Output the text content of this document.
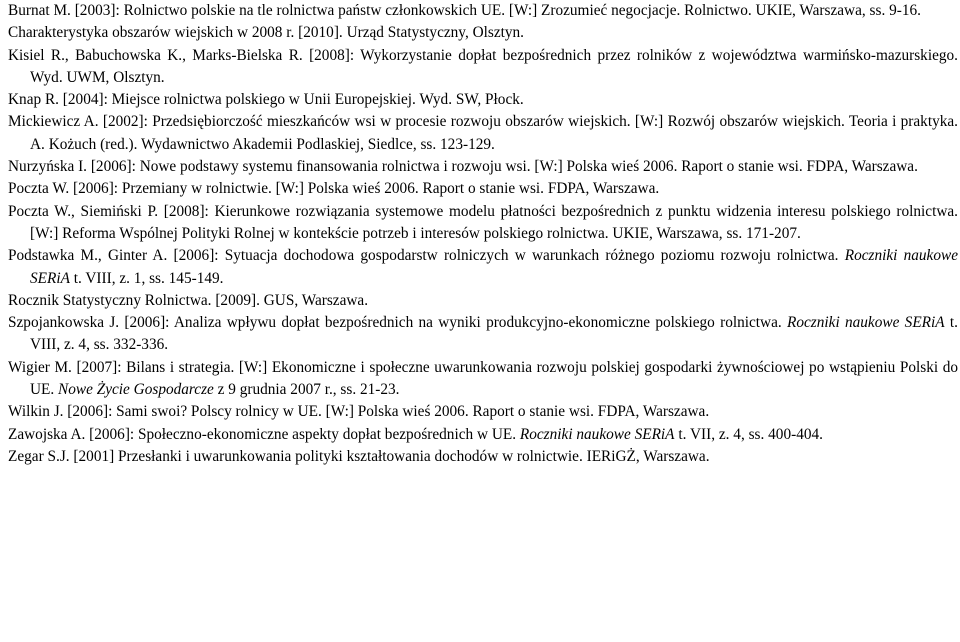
Burnat M. [2003]: Rolnictwo polskie na tle rolnictwa państw członkowskich UE. [W:] Zrozumieć negocjacje. Rolnictwo. UKIE, Warszawa, ss. 9-16.

Charakterystyka obszarów wiejskich w 2008 r. [2010]. Urząd Statystyczny, Olsztyn.

Kisiel R., Babuchowska K., Marks-Bielska R. [2008]: Wykorzystanie dopłat bezpośrednich przez rolników z województwa warmińsko-mazurskiego. Wyd. UWM, Olsztyn.

Knap R. [2004]: Miejsce rolnictwa polskiego w Unii Europejskiej. Wyd. SW, Płock.

Mickiewicz A. [2002]: Przedsiębiorczość mieszkańców wsi w procesie rozwoju obszarów wiejskich. [W:] Rozwój obszarów wiejskich. Teoria i praktyka. A. Kożuch (red.). Wydawnictwo Akademii Podlaskiej, Siedlce, ss. 123-129.

Nurzyńska I. [2006]: Nowe podstawy systemu finansowania rolnictwa i rozwoju wsi. [W:] Polska wieś 2006. Raport o stanie wsi. FDPA, Warszawa.

Poczta W. [2006]: Przemiany w rolnictwie. [W:] Polska wieś 2006. Raport o stanie wsi. FDPA, Warszawa.

Poczta W., Siemiński P. [2008]: Kierunkowe rozwiązania systemowe modelu płatności bezpośrednich z punktu widzenia interesu polskiego rolnictwa. [W:] Reforma Wspólnej Polityki Rolnej w kontekście potrzeb i interesów polskiego rolnictwa. UKIE, Warszawa, ss. 171-207.

Podstawka M., Ginter A. [2006]: Sytuacja dochodowa gospodarstw rolniczych w warunkach różnego poziomu rozwoju rolnictwa. Roczniki naukowe SERiA t. VIII, z. 1, ss. 145-149.

Rocznik Statystyczny Rolnictwa. [2009]. GUS, Warszawa.

Szpojankowska J. [2006]: Analiza wpływu dopłat bezpośrednich na wyniki produkcyjno-ekonomiczne polskiego rolnictwa. Roczniki naukowe SERiA t. VIII, z. 4, ss. 332-336.

Wigier M. [2007]: Bilans i strategia. [W:] Ekonomiczne i społeczne uwarunkowania rozwoju polskiej gospodarki żywnościowej po wstąpieniu Polski do UE. Nowe Życie Gospodarcze z 9 grudnia 2007 r., ss. 21-23.

Wilkin J. [2006]: Sami swoi? Polscy rolnicy w UE. [W:] Polska wieś 2006. Raport o stanie wsi. FDPA, Warszawa.

Zawojska A. [2006]: Społeczno-ekonomiczne aspekty dopłat bezpośrednich w UE. Roczniki naukowe SERiA t. VII, z. 4, ss. 400-404.

Zegar S.J. [2001] Przesłanki i uwarunkowania polityki kształtowania dochodów w rolnictwie. IERiGŻ, Warszawa.
